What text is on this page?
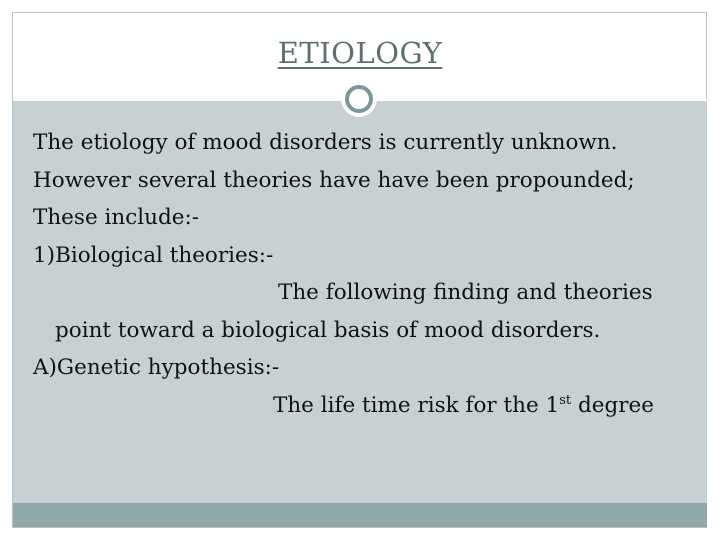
ETIOLOGY
The etiology of mood disorders is currently unknown.
However several theories have have been propounded;
These include:-
1)Biological theories:-
The following finding and theories
point toward a biological basis of mood disorders.
A)Genetic hypothesis:-
The life time risk for the 1st degree
